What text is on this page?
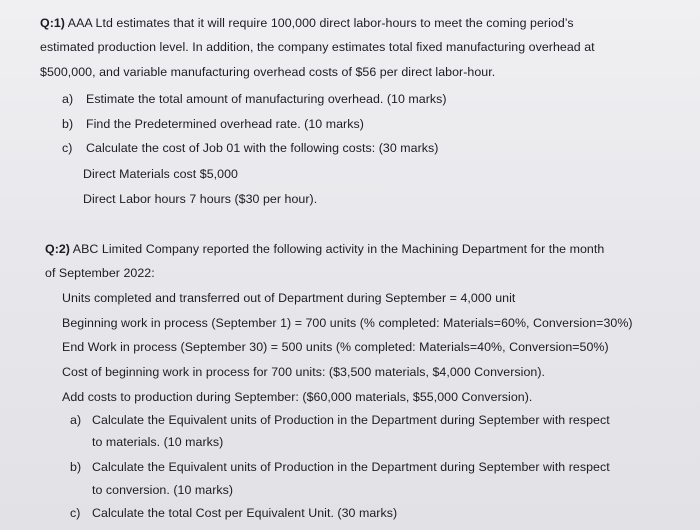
Q:1) AAA Ltd estimates that it will require 100,000 direct labor-hours to meet the coming period’s
estimated production level. In addition, the company estimates total fixed manufacturing overhead at
$500,000, and variable manufacturing overhead costs of $56 per direct labor-hour.
a) Estimate the total amount of manufacturing overhead. (10 marks)
b) Find the Predetermined overhead rate. (10 marks)
c) Calculate the cost of Job 01 with the following costs: (30 marks)
Direct Materials cost $5,000
Direct Labor hours 7 hours ($30 per hour).
Q:2) ABC Limited Company reported the following activity in the Machining Department for the month
of September 2022:
Units completed and transferred out of Department during September = 4,000 unit
Beginning work in process (September 1) = 700 units (% completed: Materials=60%, Conversion=30%)
End Work in process (September 30) = 500 units (% completed: Materials=40%, Conversion=50%)
Cost of beginning work in process for 700 units: ($3,500 materials, $4,000 Conversion).
Add costs to production during September: ($60,000 materials, $55,000 Conversion).
a) Calculate the Equivalent units of Production in the Department during September with respect
to materials. (10 marks)
b) Calculate the Equivalent units of Production in the Department during September with respect
to conversion. (10 marks)
c) Calculate the total Cost per Equivalent Unit. (30 marks)
